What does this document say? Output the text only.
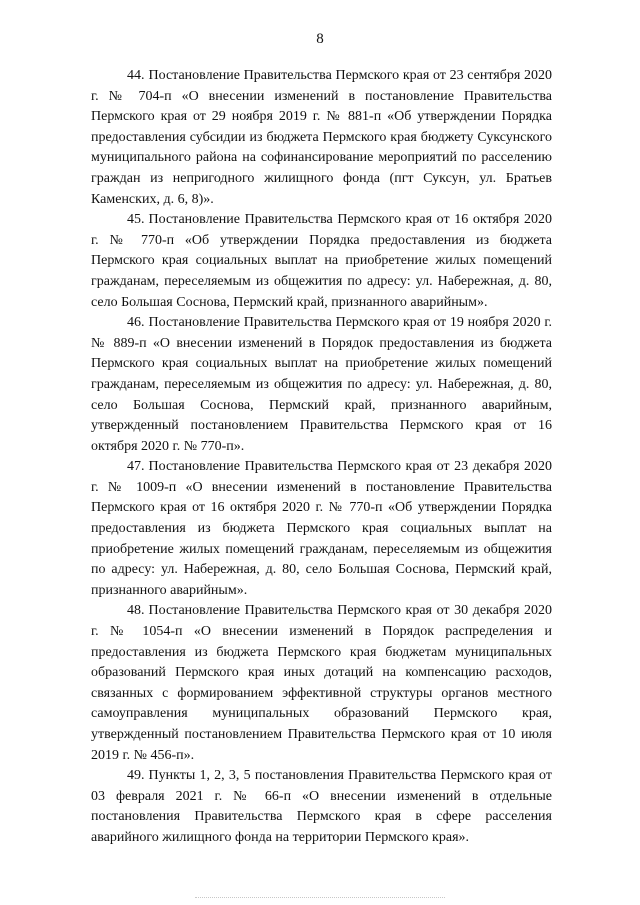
8

44. Постановление Правительства Пермского края от 23 сентября 2020 г. № 704-п «О внесении изменений в постановление Правительства Пермского края от 29 ноября 2019 г. № 881-п «Об утверждении Порядка предоставления субсидии из бюджета Пермского края бюджету Суксунского муниципального района на софинансирование мероприятий по расселению граждан из непригодного жилищного фонда (пгт Суксун, ул. Братьев Каменских, д. 6, 8)».

45. Постановление Правительства Пермского края от 16 октября 2020 г. № 770-п «Об утверждении Порядка предоставления из бюджета Пермского края социальных выплат на приобретение жилых помещений гражданам, переселяемым из общежития по адресу: ул. Набережная, д. 80, село Большая Соснова, Пермский край, признанного аварийным».

46. Постановление Правительства Пермского края от 19 ноября 2020 г. № 889-п «О внесении изменений в Порядок предоставления из бюджета Пермского края социальных выплат на приобретение жилых помещений гражданам, переселяемым из общежития по адресу: ул. Набережная, д. 80, село Большая Соснова, Пермский край, признанного аварийным, утвержденный постановлением Правительства Пермского края от 16 октября 2020 г. № 770-п».

47. Постановление Правительства Пермского края от 23 декабря 2020 г. № 1009-п «О внесении изменений в постановление Правительства Пермского края от 16 октября 2020 г. № 770-п «Об утверждении Порядка предоставления из бюджета Пермского края социальных выплат на приобретение жилых помещений гражданам, переселяемым из общежития по адресу: ул. Набережная, д. 80, село Большая Соснова, Пермский край, признанного аварийным».

48. Постановление Правительства Пермского края от 30 декабря 2020 г. № 1054-п «О внесении изменений в Порядок распределения и предоставления из бюджета Пермского края бюджетам муниципальных образований Пермского края иных дотаций на компенсацию расходов, связанных с формированием эффективной структуры органов местного самоуправления муниципальных образований Пермского края, утвержденный постановлением Правительства Пермского края от 10 июля 2019 г. № 456-п».

49. Пункты 1, 2, 3, 5 постановления Правительства Пермского края от 03 февраля 2021 г. № 66-п «О внесении изменений в отдельные постановления Правительства Пермского края в сфере расселения аварийного жилищного фонда на территории Пермского края».
